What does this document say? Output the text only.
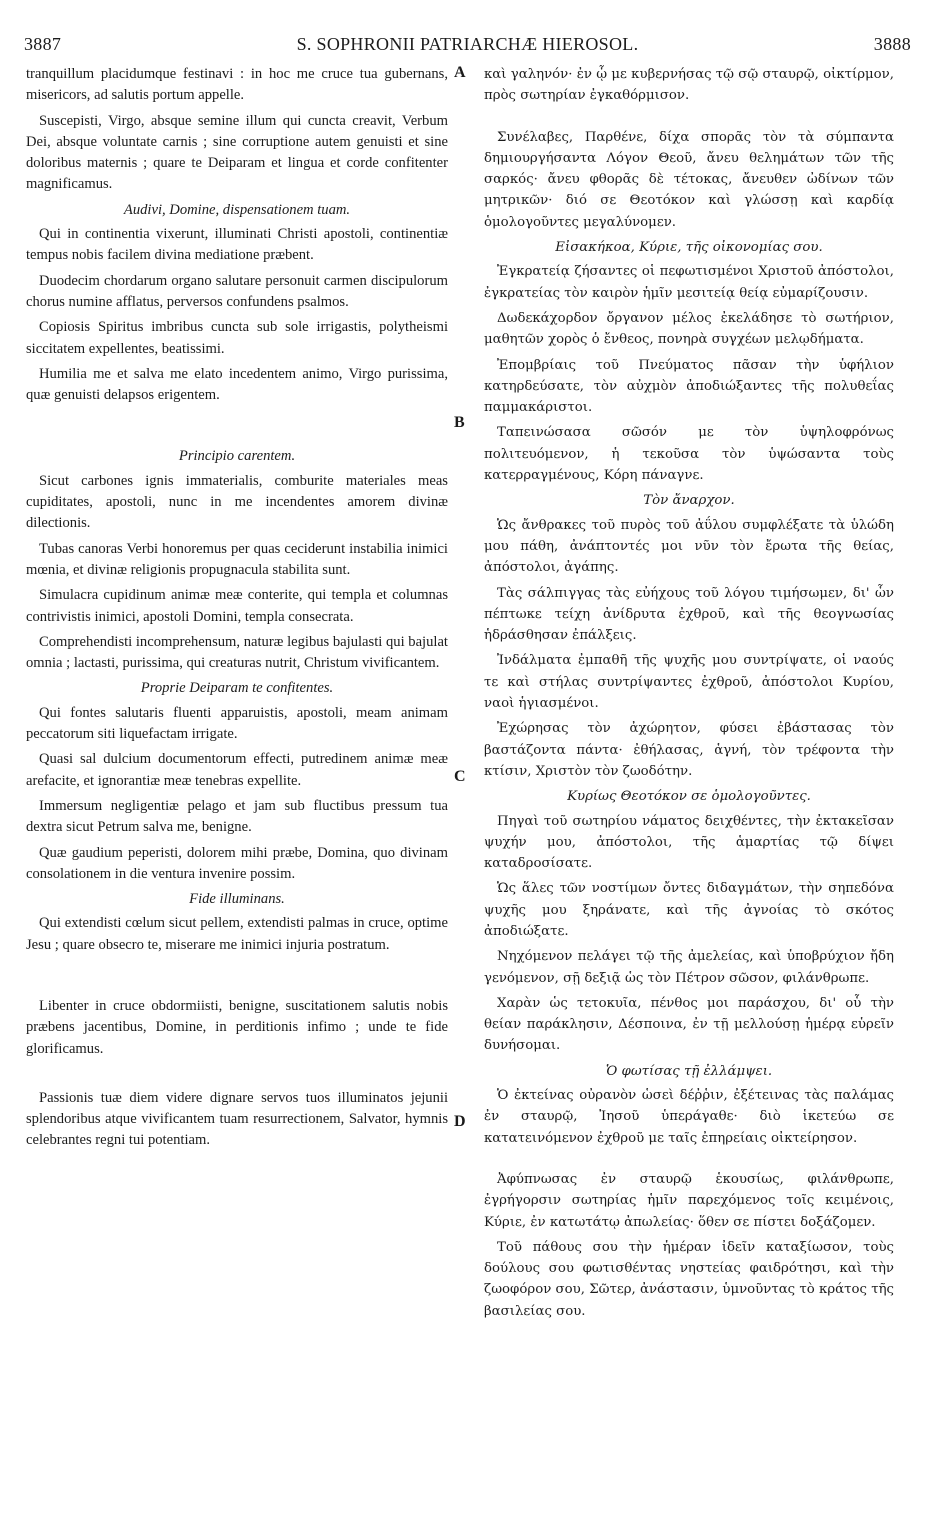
3887	S. SOPHRONII PATRIARCHÆ HIEROSOL.	3888
A
B
C
D

tranquillum placidumque festinavi : in hoc me cruce tua gubernans, misericors, ad salutis portum appelle.

Suscepisti, Virgo, absque semine illum qui cuncta creavit, Verbum Dei, absque voluntate carnis ; sine corruptione autem genuisti et sine doloribus maternis ; quare te Deiparam et lingua et corde confitenter magnificamus.

Audivi, Domine, dispensationem tuam.

Qui in continentia vixerunt, illuminati Christi apostoli, continentiæ tempus nobis facilem divina mediatione præbent.

Duodecim chordarum organo salutare personuit carmen discipulorum chorus numine afflatus, perversos confundens psalmos.

Copiosis Spiritus imbribus cuncta sub sole irrigastis, polytheismi siccitatem expellentes, beatissimi.

Humilia me et salva me elato incedentem animo, Virgo purissima, quæ genuisti delapsos erigentem.

Principio carentem.

Sicut carbones ignis immaterialis, comburite materiales meas cupiditates, apostoli, nunc in me incendentes amorem divinæ dilectionis.

Tubas canoras Verbi honoremus per quas ceciderunt instabilia inimici mœnia, et divinæ religionis propugnacula stabilita sunt.

Simulacra cupidinum animæ meæ conterite, qui templa et columnas contrivistis inimici, apostoli Domini, templa consecrata.

Comprehendisti incomprehensum, naturæ legibus bajulasti qui bajulat omnia ; lactasti, purissima, qui creaturas nutrit, Christum vivificantem.

Proprie Deiparam te confitentes.

Qui fontes salutaris fluenti apparuistis, apostoli, meam animam peccatorum siti liquefactam irrigate.

Quasi sal dulcium documentorum effecti, putredinem animæ meæ arefacite, et ignorantiæ meæ tenebras expellite.

Immersum negligentiæ pelago et jam sub fluctibus pressum tua dextra sicut Petrum salva me, benigne.

Quæ gaudium peperisti, dolorem mihi præbe, Domina, quo divinam consolationem in die ventura invenire possim.

Fide illuminans.

Qui extendisti cœlum sicut pellem, extendisti palmas in cruce, optime Jesu ; quare obsecro te, miserare me inimici injuria postratum.

Libenter in cruce obdormiisti, benigne, suscitationem salutis nobis præbens jacentibus, Domine, in perditionis infimo ; unde te fide glorificamus.

Passionis tuæ diem videre dignare servos tuos illuminatos jejunii splendoribus atque vivificantem tuam resurrectionem, Salvator, hymnis celebrantes regni tui potentiam.

καὶ γαληνόν· ἐν ᾧ με κυβερνήσας τῷ σῷ σταυρῷ, οἰκτίρμον, πρὸς σωτηρίαν ἐγκαθόρμισον.

Συνέλαβες, Παρθένε, δίχα σπορᾶς τὸν τὰ σύμπαντα δημιουργήσαντα Λόγον Θεοῦ, ἄνευ θελημάτων τῶν τῆς σαρκός· ἄνευ φθορᾶς δὲ τέτοκας, ἄνευθεν ὠδίνων τῶν μητρικῶν· διό σε Θεοτόκον καὶ γλώσσῃ καὶ καρδίᾳ ὁμολογοῦντες μεγαλύνομεν.

Εἰσακήκοα, Κύριε, τῆς οἰκονομίας σου.

Ἐγκρατείᾳ ζήσαντες οἱ πεφωτισμένοι Χριστοῦ ἀπόστολοι, ἐγκρατείας τὸν καιρὸν ἡμῖν μεσιτείᾳ θείᾳ εὐμαρίζουσιν.

Δωδεκάχορδον ὄργανον μέλος ἐκελάδησε τὸ σωτήριον, μαθητῶν χορὸς ὁ ἔνθεος, πονηρὰ συγχέων μελῳδήματα.

Ἐπομβρίαις τοῦ Πνεύματος πᾶσαν τὴν ὑφήλιον κατηρδεύσατε, τὸν αὐχμὸν ἀποδιώξαντες τῆς πολυθεΐας παμμακάριστοι.

Ταπεινώσασα σῶσόν με τὸν ὑψηλοφρόνως πολιτευόμενον, ἡ τεκοῦσα τὸν ὑψώσαντα τοὺς κατερραγμένους, Κόρη πάναγνε.

Τὸν ἄναρχον.

Ὡς ἄνθρακες τοῦ πυρὸς τοῦ ἀΰλου συμφλέξατε τὰ ὑλώδη μου πάθη, ἀνάπτοντές μοι νῦν τὸν ἔρωτα τῆς θείας, ἀπόστολοι, ἀγάπης.

Τὰς σάλπιγγας τὰς εὐήχους τοῦ λόγου τιμήσωμεν, δι' ὧν πέπτωκε τείχη ἀνίδρυτα ἐχθροῦ, καὶ τῆς θεογνωσίας ἡδράσθησαν ἐπάλξεις.

Ἰνδάλματα ἐμπαθῆ τῆς ψυχῆς μου συντρίψατε, οἱ ναούς τε καὶ στήλας συντρίψαντες ἐχθροῦ, ἀπόστολοι Κυρίου, ναοὶ ἡγιασμένοι.

Ἐχώρησας τὸν ἀχώρητον, φύσει ἐβάστασας τὸν βαστάζοντα πάντα· ἐθήλασας, ἁγνή, τὸν τρέφοντα τὴν κτίσιν, Χριστὸν τὸν ζωοδότην.

Κυρίως Θεοτόκον σε ὁμολογοῦντες.

Πηγαὶ τοῦ σωτηρίου νάματος δειχθέντες, τὴν ἐκτακεῖσαν ψυχήν μου, ἀπόστολοι, τῆς ἁμαρτίας τῷ δίψει καταδροσίσατε.

Ὡς ἅλες τῶν νοστίμων ὄντες διδαγμάτων, τὴν σηπεδόνα ψυχῆς μου ξηράνατε, καὶ τῆς ἀγνοίας τὸ σκότος ἀποδιώξατε.

Νηχόμενον πελάγει τῷ τῆς ἀμελείας, καὶ ὑποβρύχιον ἤδη γενόμενον, σῇ δεξιᾷ ὡς τὸν Πέτρον σῶσον, φιλάνθρωπε.

Χαρὰν ὡς τετοκυῖα, πένθος μοι παράσχου, δι' οὗ τὴν θείαν παράκλησιν, Δέσποινα, ἐν τῇ μελλούσῃ ἡμέρᾳ εὑρεῖν δυνήσομαι.

Ὁ φωτίσας τῇ ἐλλάμψει.

Ὁ ἐκτείνας οὐρανὸν ὡσεὶ δέῤῥιν, ἐξέτεινας τὰς παλάμας ἐν σταυρῷ, Ἰησοῦ ὑπεράγαθε· διὸ ἱκετεύω σε κατατεινόμενον ἐχθροῦ με ταῖς ἐπηρείαις οἰκτείρησον.

Ἀφύπνωσας ἐν σταυρῷ ἑκουσίως, φιλάνθρωπε, ἐγρήγορσιν σωτηρίας ἡμῖν παρεχόμενος τοῖς κειμένοις, Κύριε, ἐν κατωτάτῳ ἀπωλείας· ὅθεν σε πίστει δοξάζομεν.

Τοῦ πάθους σου τὴν ἡμέραν ἰδεῖν καταξίωσον, τοὺς δούλους σου φωτισθέντας νηστείας φαιδρότησι, καὶ τὴν ζωοφόρον σου, Σῶτερ, ἀνάστασιν, ὑμνοῦντας τὸ κράτος τῆς βασιλείας σου.
